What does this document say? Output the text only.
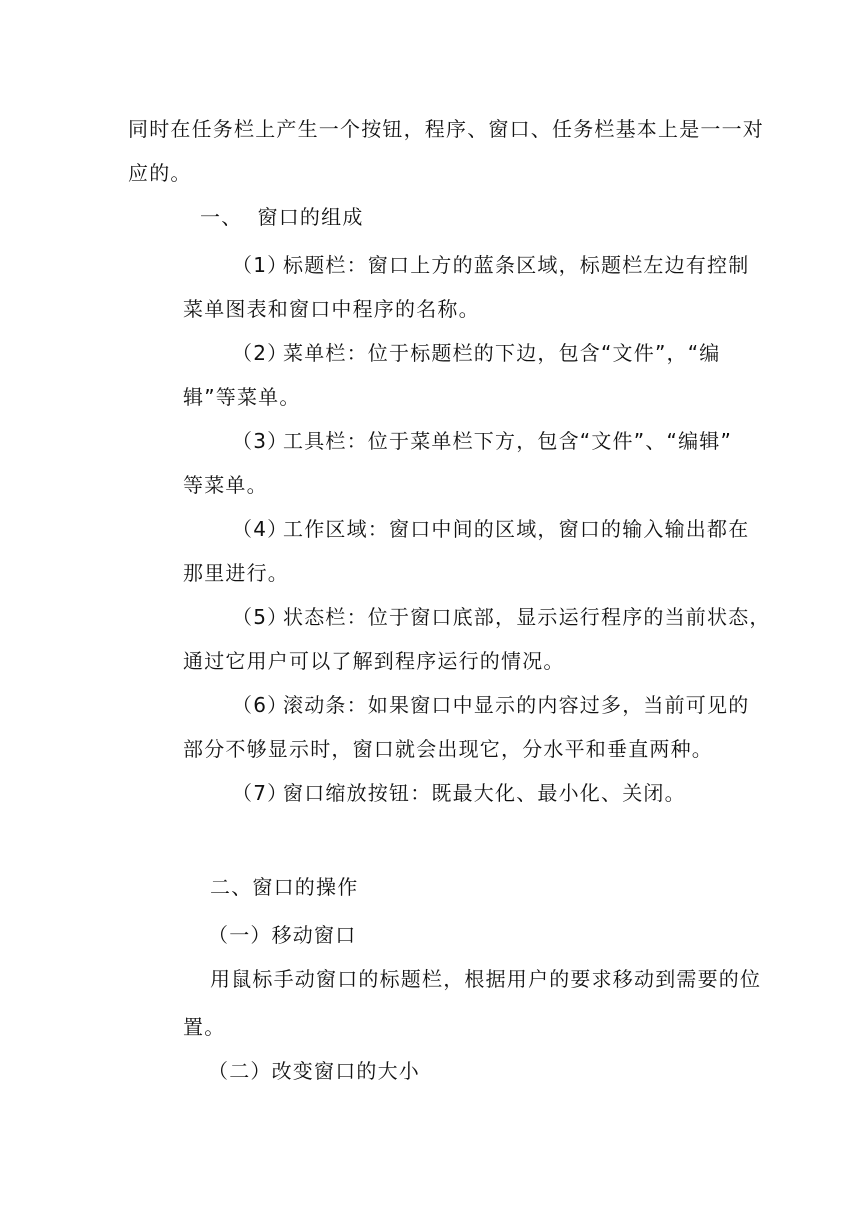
同时在任务栏上产生一个按钮，程序、窗口、任务栏基本上是一一对
应的。
一、  窗口的组成
（1）
标题栏：窗口上方的蓝条区域，标题栏左边有控制
菜单图表和窗口中程序的名称。
（2）
菜单栏：位于标题栏的下边，包含“文件”，“编
辑”等菜单。
（3）
工具栏：位于菜单栏下方，包含“文件”、“编辑”
等菜单。
（4）
工作区域：窗口中间的区域，窗口的输入输出都在
那里进行。
（5）
状态栏：位于窗口底部，显示运行程序的当前状态，
通过它用户可以了解到程序运行的情况。
（6）
滚动条：如果窗口中显示的内容过多，当前可见的
部分不够显示时，窗口就会出现它，分水平和垂直两种。
（7）
窗口缩放按钮：既最大化、最小化、关闭。
二、窗口的操作
（一）移动窗口
用鼠标手动窗口的标题栏，根据用户的要求移动到需要的位
置。
（二）改变窗口的大小
